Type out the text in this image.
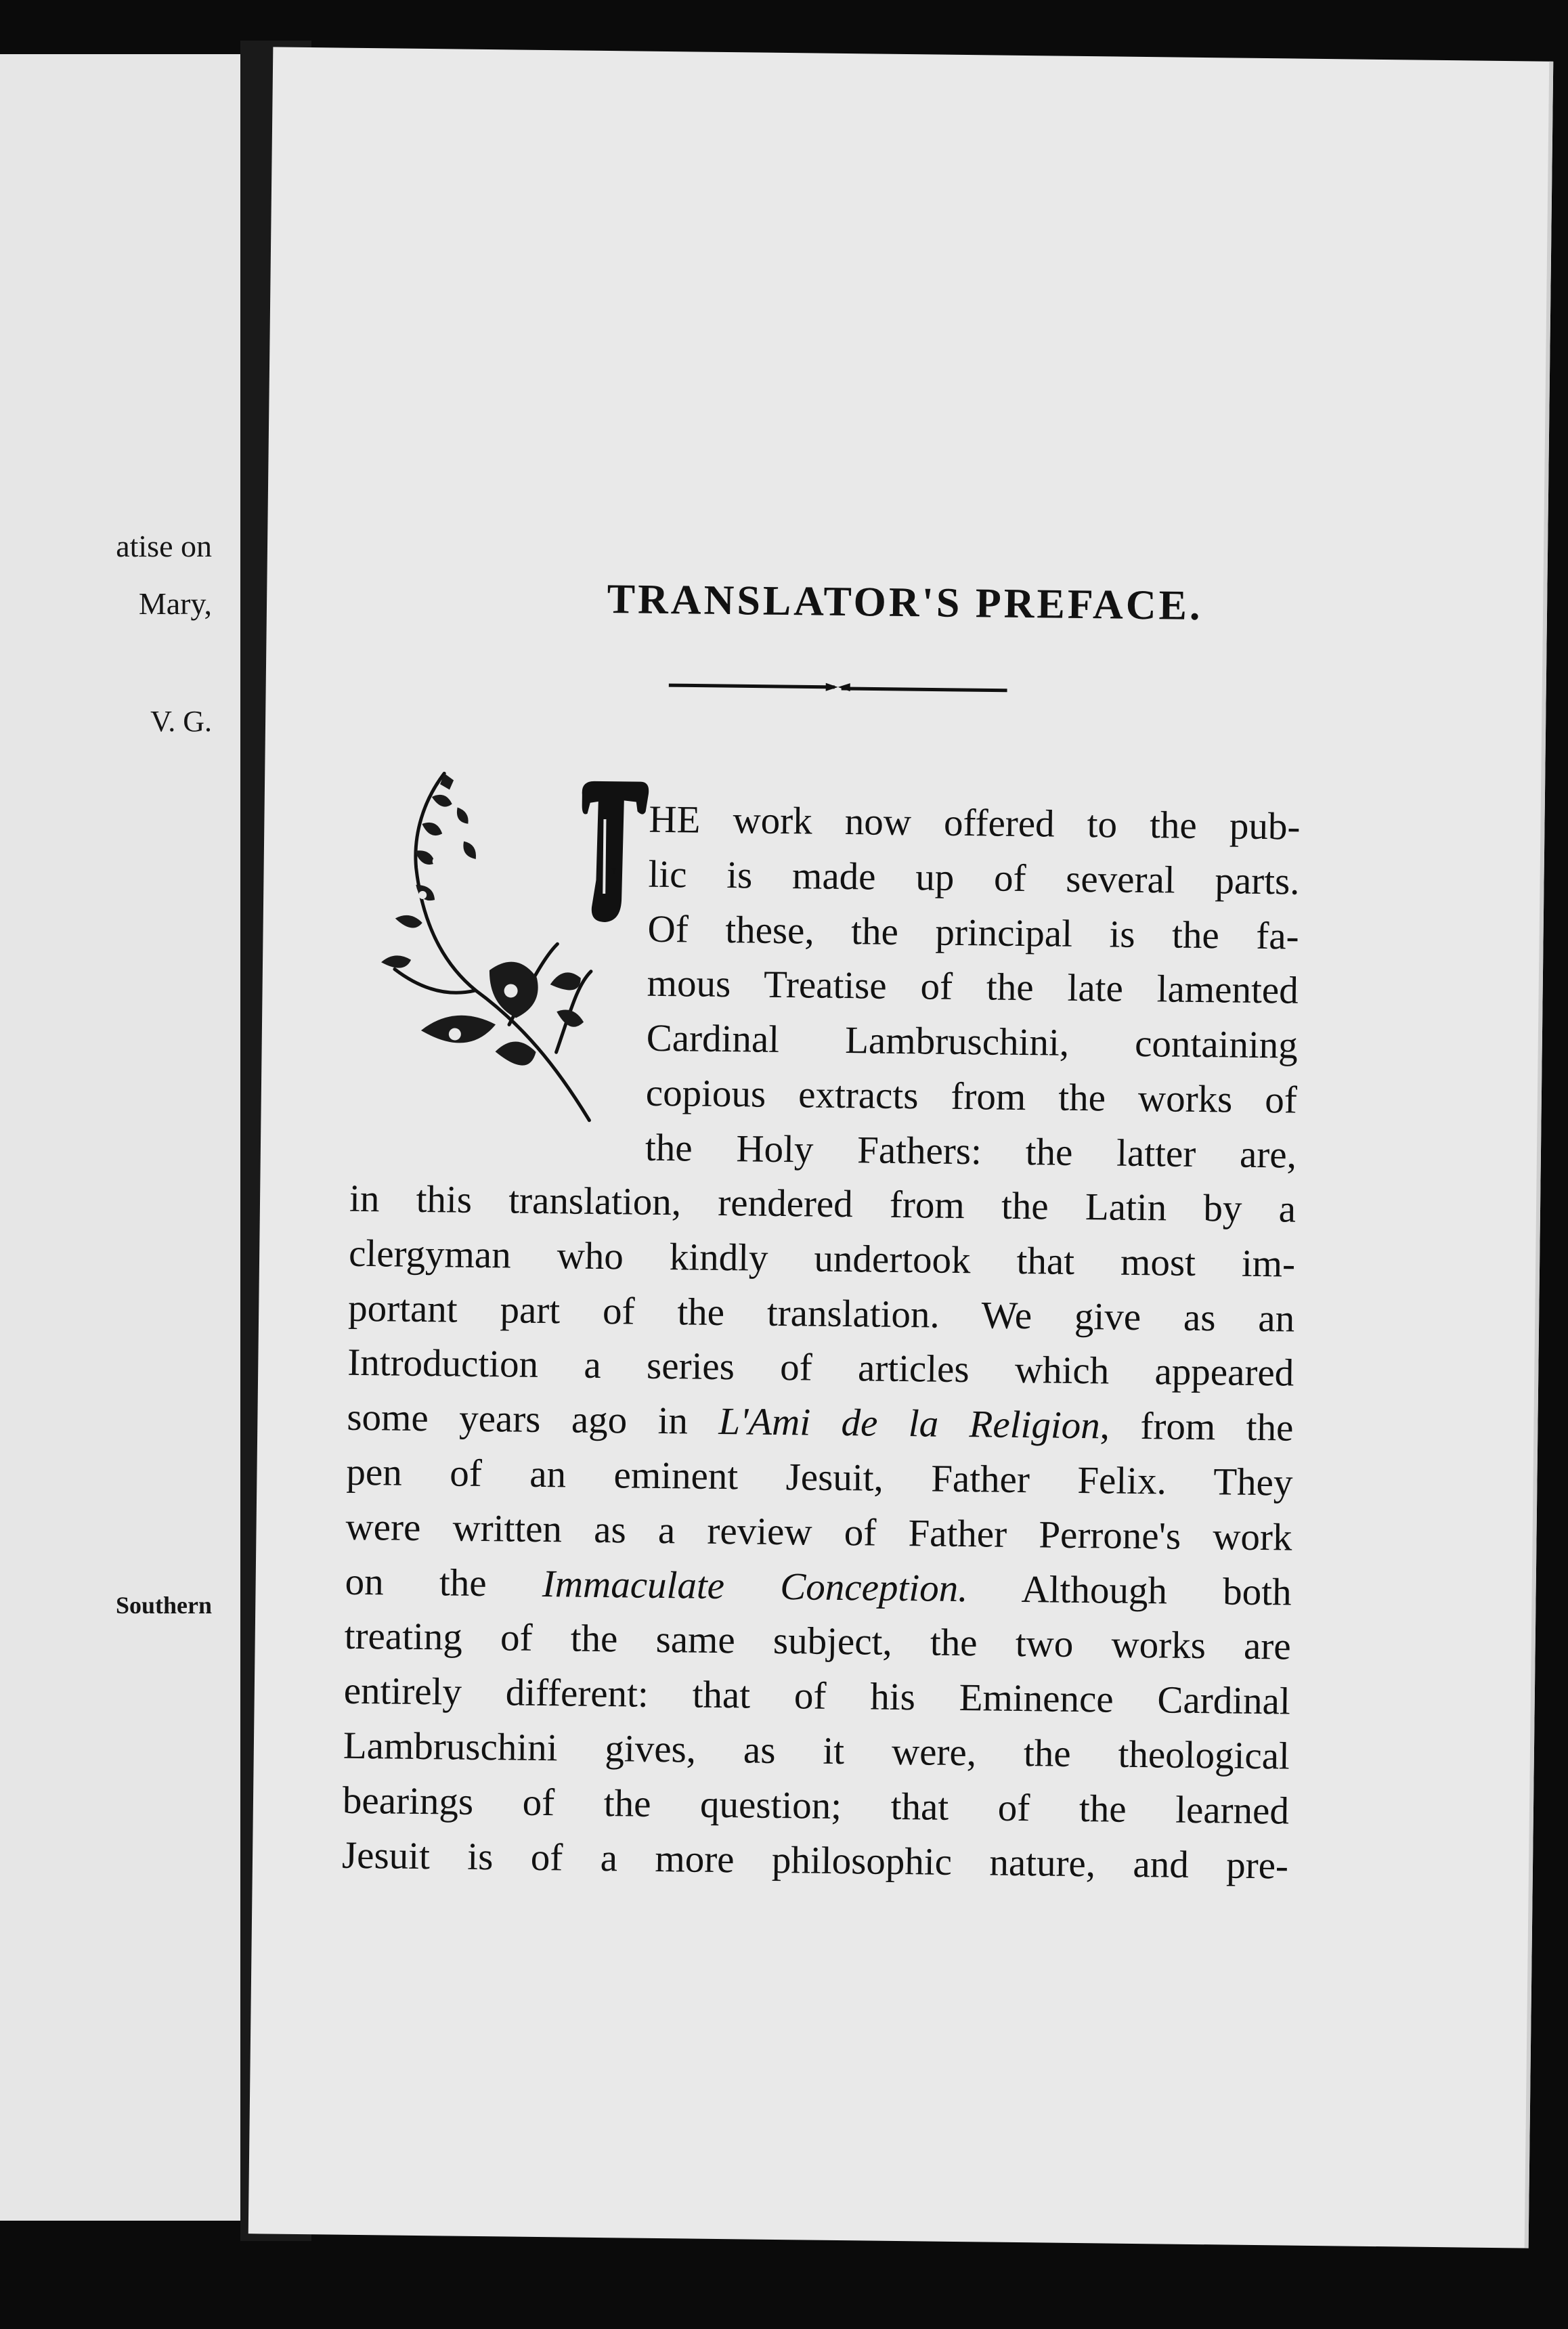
atise on
Mary,
V. G.
Southern
TRANSLATOR'S PREFACE.
T
HE work now offered to the pub-
lic is made up of several parts.
Of these, the principal is the fa-
mous Treatise of the late lamented
Cardinal Lambruschini, containing
copious extracts from the works of
the Holy Fathers: the latter are,
in this translation, rendered from the Latin by a
clergyman who kindly undertook that most im-
portant part of the translation. We give as an
Introduction a series of articles which appeared
some years ago in L'Ami de la Religion, from the
pen of an eminent Jesuit, Father Felix. They
were written as a review of Father Perrone's work
on the Immaculate Conception. Although both
treating of the same subject, the two works are
entirely different: that of his Eminence Cardinal
Lambruschini gives, as it were, the theological
bearings of the question; that of the learned
Jesuit is of a more philosophic nature, and pre-
